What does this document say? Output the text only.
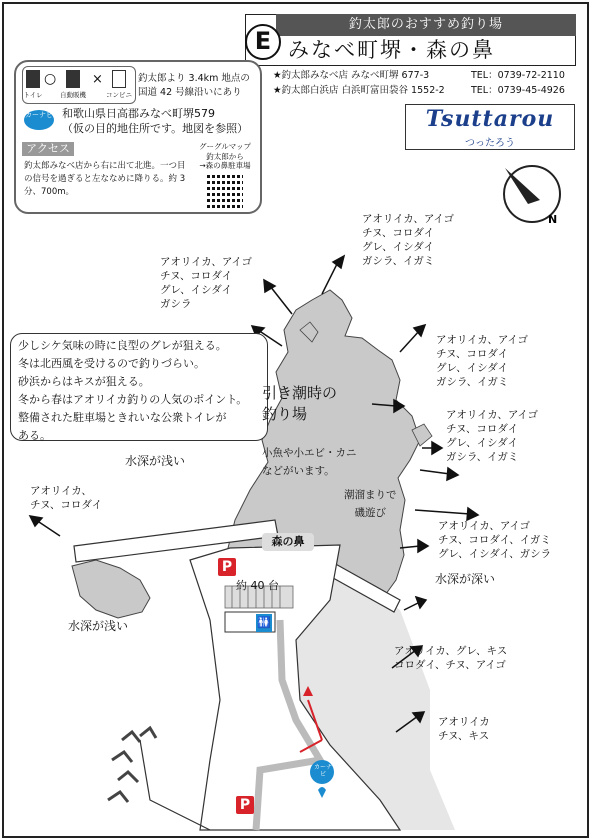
N
釣太郎のおすすめ釣り場
E みなべ町堺・森の鼻
★釣太郎みなべ店 みなべ町堺 677-3	TEL：0739-72-2110
★釣太郎白浜店 白浜町富田袋谷 1552-2	TEL：0739-45-4926
Tsuttarou
つったろう
トイレ
○
自動販機
×
コンビニ
釣太郎より 3.4km 地点の国道 42 号線沿いにあり
カーナビ 和歌山県日高郡みなべ町堺579
（仮の目的地住所です。地図を参照）
アクセス
釣太郎みなべ店から右に出て北進。一つ目の信号を過ぎると左ななめに降りる。約 3 分、700m。
グーグルマップ
釣太郎から
→森の鼻駐車場
少しシケ気味の時に良型のグレが狙える。
冬は北西風を受けるので釣りづらい。
砂浜からはキスが狙える。
冬から春はアオリイカ釣りの人気のポイント。
整備された駐車場ときれいな公衆トイレが
ある。
アオリイカ、アイゴ
チヌ、コロダイ
グレ、イシダイ
ガシラ、イガミ
アオリイカ、アイゴ
チヌ、コロダイ
グレ、イシダイ
ガシラ
アオリイカ、アイゴ
チヌ、コロダイ
グレ、イシダイ
ガシラ、イガミ
アオリイカ、アイゴ
チヌ、コロダイ
グレ、イシダイ
ガシラ、イガミ
アオリイカ、
チヌ、コロダイ
アオリイカ、アイゴ
チヌ、コロダイ、イガミ
グレ、イシダイ、ガシラ
アオリイカ、グレ、キス
コロダイ、チヌ、アイゴ
アオリイカ
チヌ、キス
引き潮時の
釣り場
小魚や小エビ・カニ
などがいます。
潮溜まりで
磯遊び
水深が浅い
水深が浅い
水深が深い
森の鼻
約 40 台
P
P
🚻
カーナビ
